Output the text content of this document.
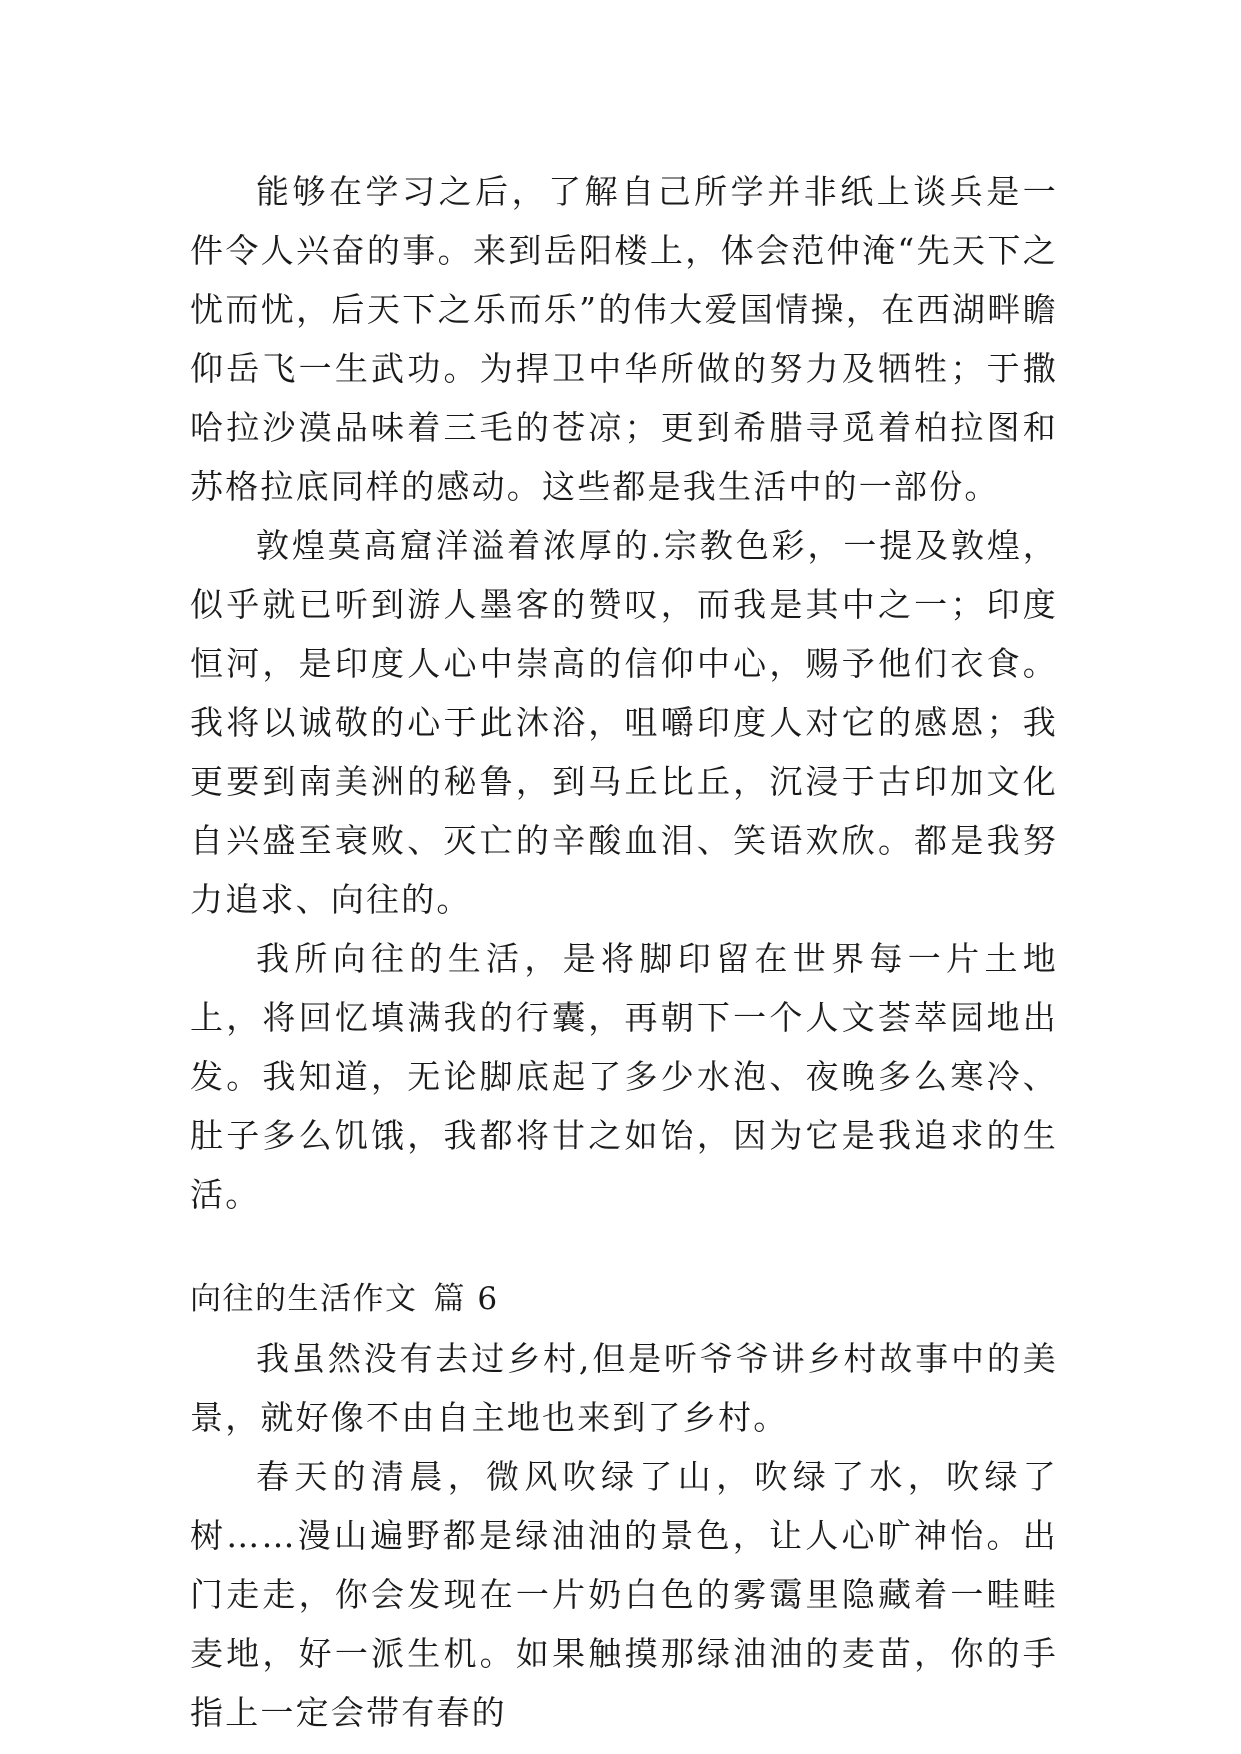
能够在学习之后，了解自己所学并非纸上谈兵是一件令人兴奋的事。来到岳阳楼上，体会范仲淹“先天下之忧而忧，后天下之乐而乐”的伟大爱国情操，在西湖畔瞻仰岳飞一生武功。为捍卫中华所做的努力及牺牲；于撒哈拉沙漠品味着三毛的苍凉；更到希腊寻觅着柏拉图和苏格拉底同样的感动。这些都是我生活中的一部份。

敦煌莫高窟洋溢着浓厚的.宗教色彩，一提及敦煌，似乎就已听到游人墨客的赞叹，而我是其中之一；印度恒河，是印度人心中崇高的信仰中心，赐予他们衣食。我将以诚敬的心于此沐浴，咀嚼印度人对它的感恩；我更要到南美洲的秘鲁，到马丘比丘，沉浸于古印加文化自兴盛至衰败、灭亡的辛酸血泪、笑语欢欣。都是我努力追求、向往的。

我所向往的生活，是将脚印留在世界每一片土地上，将回忆填满我的行囊，再朝下一个人文荟萃园地出发。我知道，无论脚底起了多少水泡、夜晚多么寒冷、肚子多么饥饿，我都将甘之如饴，因为它是我追求的生活。

向往的生活作文 篇 6

我虽然没有去过乡村,但是听爷爷讲乡村故事中的美景，就好像不由自主地也来到了乡村。

春天的清晨，微风吹绿了山，吹绿了水，吹绿了树……漫山遍野都是绿油油的景色，让人心旷神怡。出门走走，你会发现在一片奶白色的雾霭里隐藏着一畦畦麦地，好一派生机。如果触摸那绿油油的麦苗，你的手指上一定会带有春的
